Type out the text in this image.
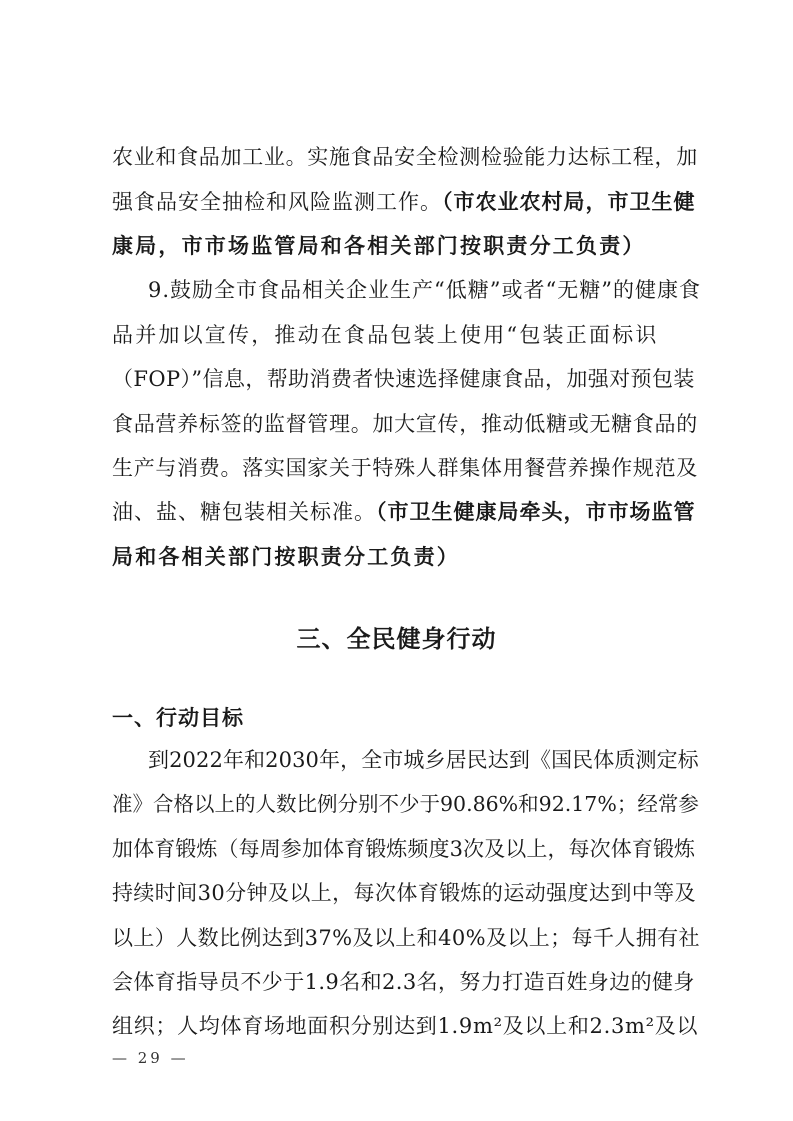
农业和食品加工业。实施食品安全检测检验能力达标工程，加
强食品安全抽检和风险监测工作。（市农业农村局，市卫生健
康局，市市场监管局和各相关部门按职责分工负责）
9.鼓励全市食品相关企业生产“低糖”或者“无糖”的健康食
品并加以宣传，推动在食品包装上使用“包装正面标识
（FOP）”信息，帮助消费者快速选择健康食品，加强对预包装
食品营养标签的监督管理。加大宣传，推动低糖或无糖食品的
生产与消费。落实国家关于特殊人群集体用餐营养操作规范及
油、盐、糖包装相关标准。（市卫生健康局牵头，市市场监管
局和各相关部门按职责分工负责）
三、全民健身行动
一、行动目标
到2022年和2030年，全市城乡居民达到《国民体质测定标
准》合格以上的人数比例分别不少于90.86%和92.17%；经常参
加体育锻炼（每周参加体育锻炼频度3次及以上，每次体育锻炼
持续时间30分钟及以上，每次体育锻炼的运动强度达到中等及
以上）人数比例达到37%及以上和40%及以上；每千人拥有社
会体育指导员不少于1.9名和2.3名，努力打造百姓身边的健身
组织；人均体育场地面积分别达到1.9m²及以上和2.3m²及以
— 29 —
